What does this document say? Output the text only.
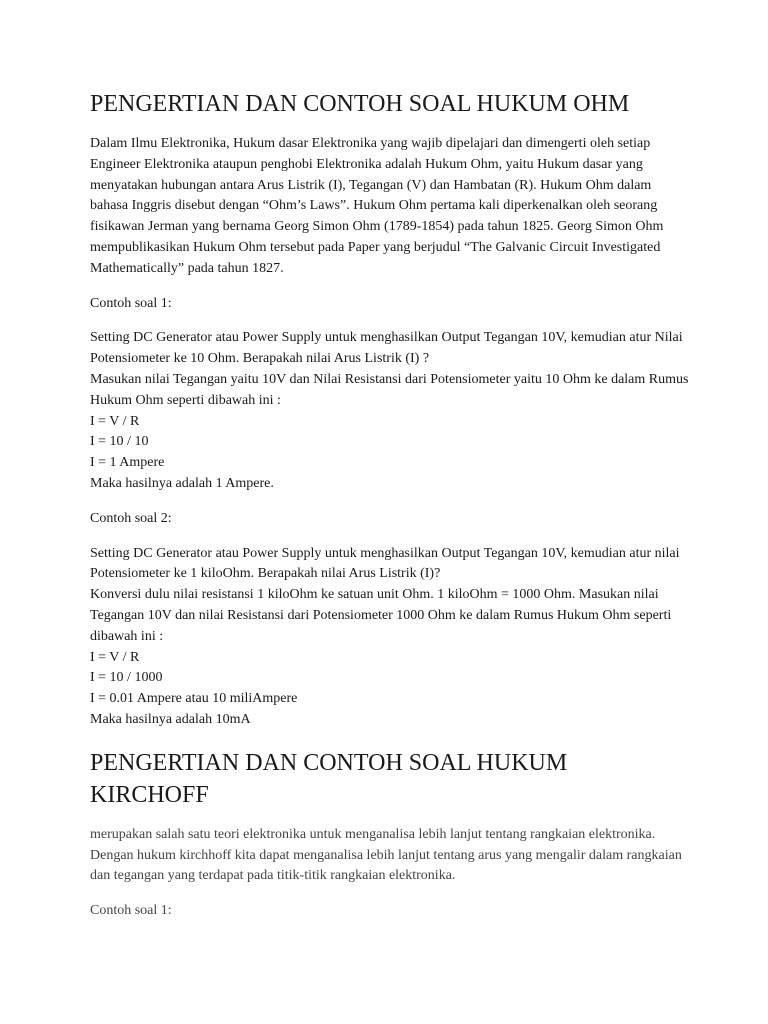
PENGERTIAN DAN CONTOH SOAL HUKUM OHM

Dalam Ilmu Elektronika, Hukum dasar Elektronika yang wajib dipelajari dan dimengerti oleh setiap Engineer Elektronika ataupun penghobi Elektronika adalah Hukum Ohm, yaitu Hukum dasar yang menyatakan hubungan antara Arus Listrik (I), Tegangan (V) dan Hambatan (R). Hukum Ohm dalam bahasa Inggris disebut dengan “Ohm’s Laws”. Hukum Ohm pertama kali diperkenalkan oleh seorang fisikawan Jerman yang bernama Georg Simon Ohm (1789-1854) pada tahun 1825. Georg Simon Ohm mempublikasikan Hukum Ohm tersebut pada Paper yang berjudul “The Galvanic Circuit Investigated Mathematically” pada tahun 1827.

Contoh soal 1:

Setting DC Generator atau Power Supply untuk menghasilkan Output Tegangan 10V, kemudian atur Nilai Potensiometer ke 10 Ohm. Berapakah nilai Arus Listrik (I) ?

Masukan nilai Tegangan yaitu 10V dan Nilai Resistansi dari Potensiometer yaitu 10 Ohm ke dalam Rumus Hukum Ohm seperti dibawah ini :

I = V / R

I = 10 / 10

I = 1 Ampere

Maka hasilnya adalah 1 Ampere.

Contoh soal 2:

Setting DC Generator atau Power Supply untuk menghasilkan Output Tegangan 10V, kemudian atur nilai Potensiometer ke 1 kiloOhm. Berapakah nilai Arus Listrik (I)?

Konversi dulu nilai resistansi 1 kiloOhm ke satuan unit Ohm. 1 kiloOhm = 1000 Ohm. Masukan nilai Tegangan 10V dan nilai Resistansi dari Potensiometer 1000 Ohm ke dalam Rumus Hukum Ohm seperti dibawah ini :

I = V / R

I = 10 / 1000

I = 0.01 Ampere atau 10 miliAmpere

Maka hasilnya adalah 10mA

PENGERTIAN DAN CONTOH SOAL HUKUM KIRCHOFF

merupakan salah satu teori elektronika untuk menganalisa lebih lanjut tentang rangkaian elektronika. Dengan hukum kirchhoff kita dapat menganalisa lebih lanjut tentang arus yang mengalir dalam rangkaian dan tegangan yang terdapat pada titik-titik rangkaian elektronika.

Contoh soal 1:
